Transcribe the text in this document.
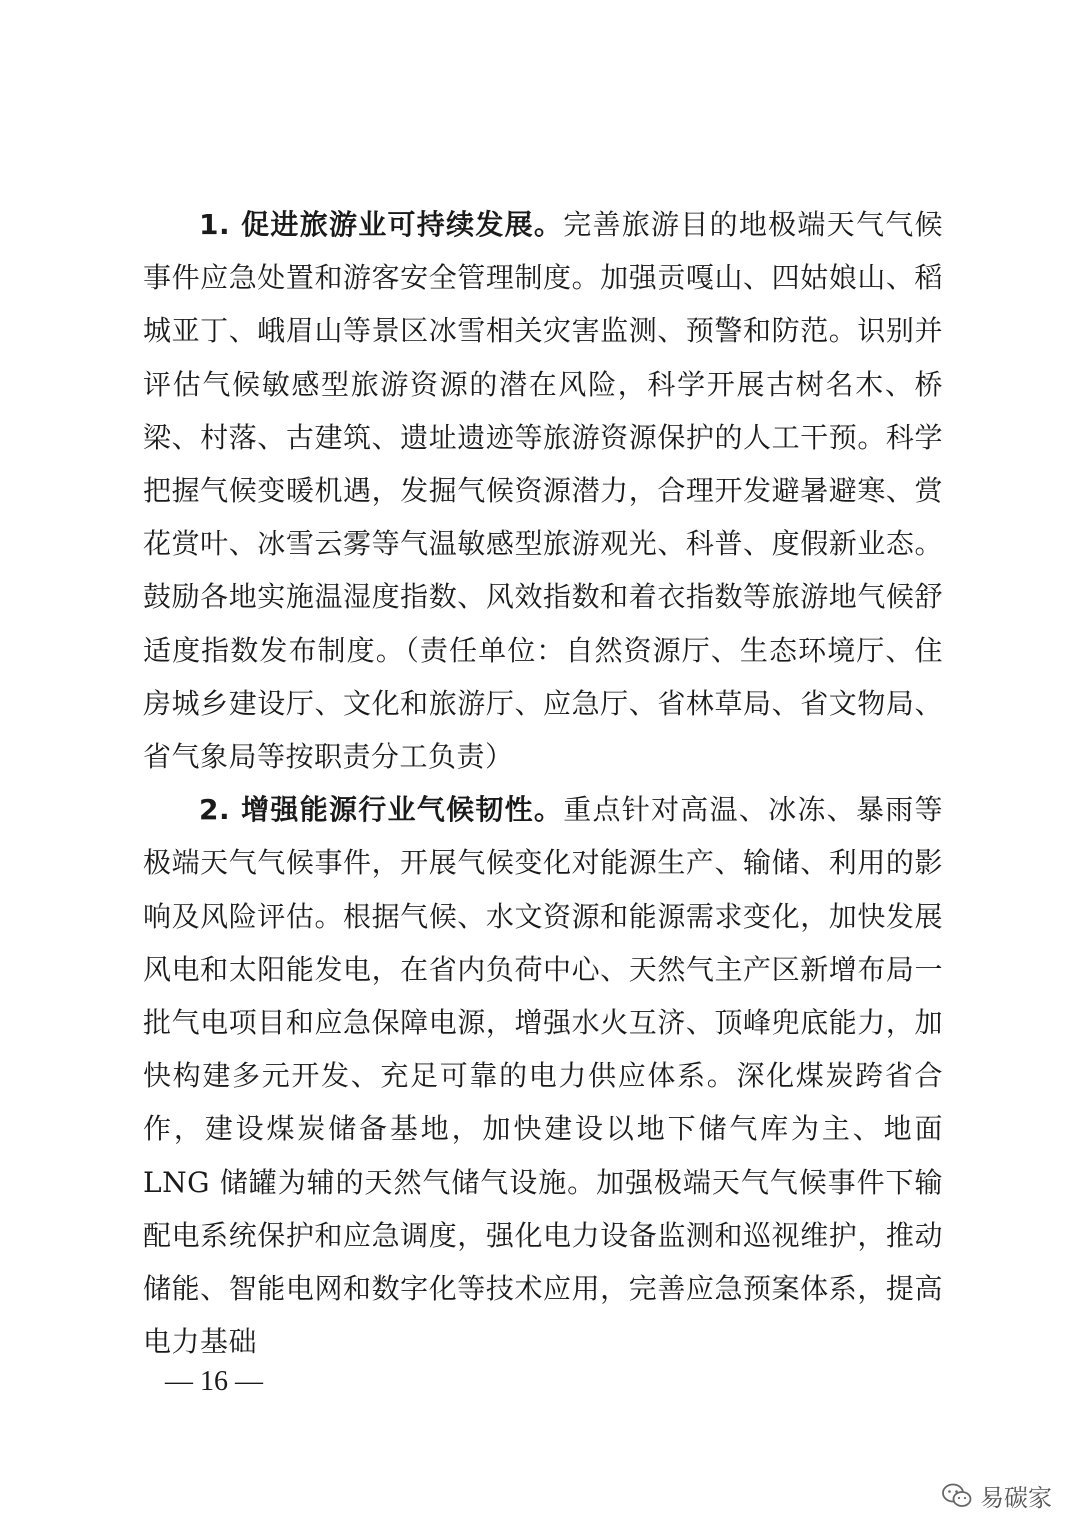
1. 促进旅游业可持续发展。完善旅游目的地极端天气气候事件应急处置和游客安全管理制度。加强贡嘎山、四姑娘山、稻城亚丁、峨眉山等景区冰雪相关灾害监测、预警和防范。识别并评估气候敏感型旅游资源的潜在风险，科学开展古树名木、桥梁、村落、古建筑、遗址遗迹等旅游资源保护的人工干预。科学把握气候变暖机遇，发掘气候资源潜力，合理开发避暑避寒、赏花赏叶、冰雪云雾等气温敏感型旅游观光、科普、度假新业态。鼓励各地实施温湿度指数、风效指数和着衣指数等旅游地气候舒适度指数发布制度。（责任单位：自然资源厅、生态环境厅、住房城乡建设厅、文化和旅游厅、应急厅、省林草局、省文物局、省气象局等按职责分工负责）

2. 增强能源行业气候韧性。重点针对高温、冰冻、暴雨等极端天气气候事件，开展气候变化对能源生产、输储、利用的影响及风险评估。根据气候、水文资源和能源需求变化，加快发展风电和太阳能发电，在省内负荷中心、天然气主产区新增布局一批气电项目和应急保障电源，增强水火互济、顶峰兜底能力，加快构建多元开发、充足可靠的电力供应体系。深化煤炭跨省合作，建设煤炭储备基地，加快建设以地下储气库为主、地面 LNG 储罐为辅的天然气储气设施。加强极端天气气候事件下输配电系统保护和应急调度，强化电力设备监测和巡视维护，推动储能、智能电网和数字化等技术应用，完善应急预案体系，提高电力基础

— 16 —
易碳家
